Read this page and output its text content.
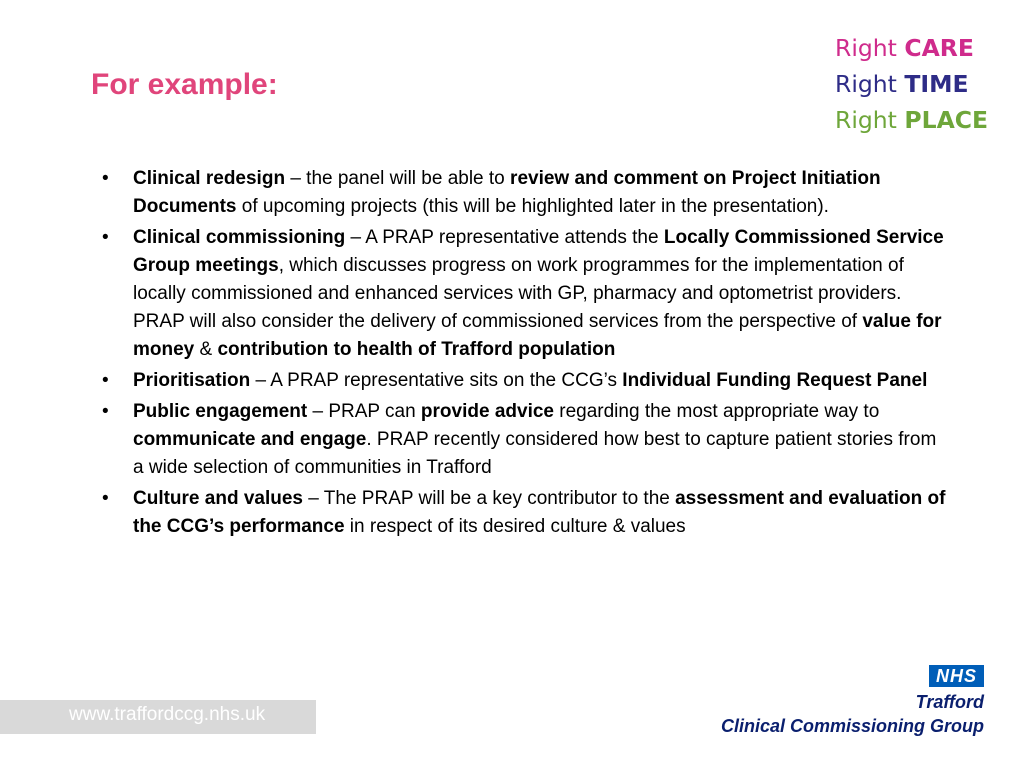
For example:
Right CARE
Right TIME
Right PLACE
• Clinical redesign – the panel will be able to review and comment on Project Initiation Documents of upcoming projects (this will be highlighted later in the presentation).
• Clinical commissioning – A PRAP representative attends the Locally Commissioned Service Group meetings, which discusses progress on work programmes for the implementation of locally commissioned and enhanced services with GP, pharmacy and optometrist providers. PRAP will also consider the delivery of commissioned services from the perspective of value for money & contribution to health of Trafford population
• Prioritisation – A PRAP representative sits on the CCG’s Individual Funding Request Panel
• Public engagement – PRAP can provide advice regarding the most appropriate way to communicate and engage. PRAP recently considered how best to capture patient stories from a wide selection of communities in Trafford
• Culture and values – The PRAP will be a key contributor to the assessment and evaluation of the CCG’s performance in respect of its desired culture & values
www.traffordccg.nhs.uk
NHS
Trafford
Clinical Commissioning Group
